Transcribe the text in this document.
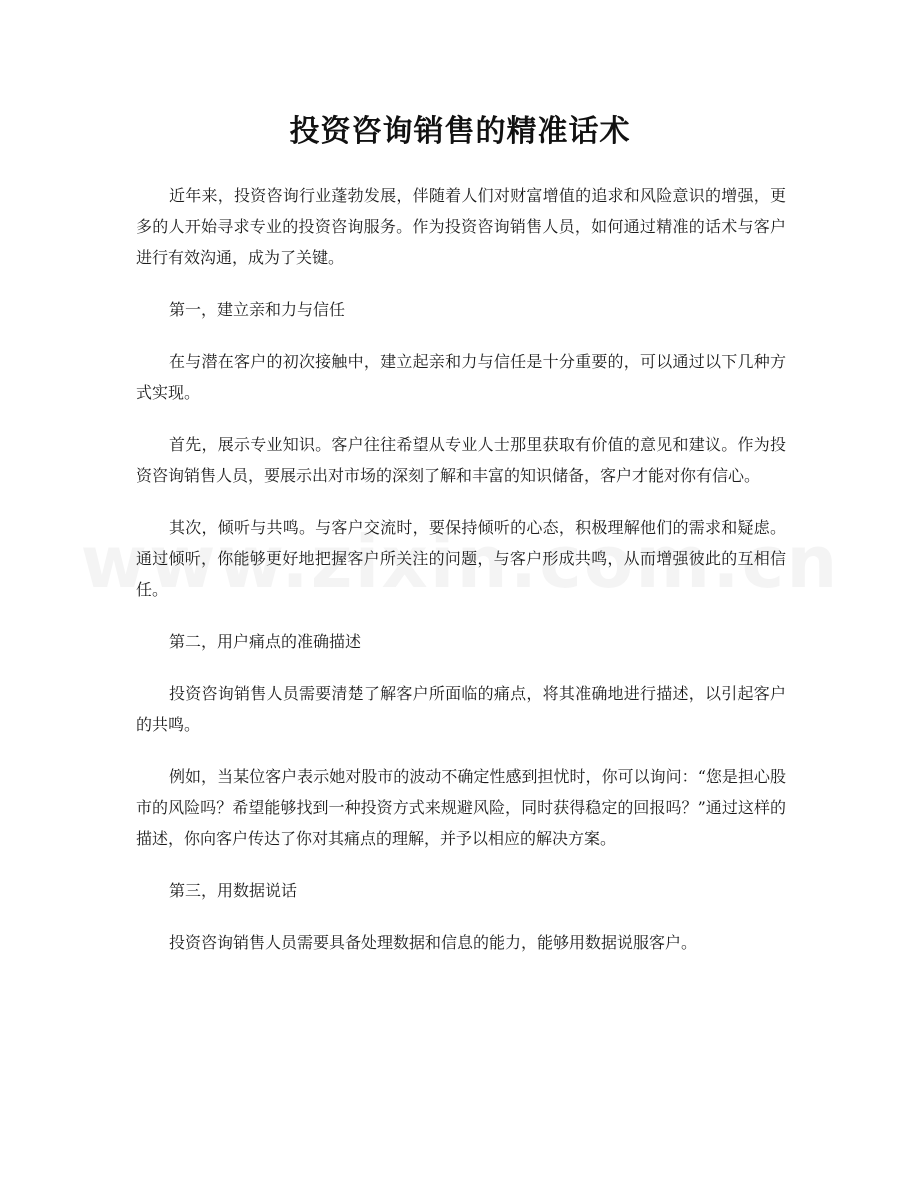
投资咨询销售的精准话术

近年来，投资咨询行业蓬勃发展，伴随着人们对财富增值的追求和风险意识的增强，更多的人开始寻求专业的投资咨询服务。作为投资咨询销售人员，如何通过精准的话术与客户进行有效沟通，成为了关键。

第一，建立亲和力与信任

在与潜在客户的初次接触中，建立起亲和力与信任是十分重要的，可以通过以下几种方式实现。

首先，展示专业知识。客户往往希望从专业人士那里获取有价值的意见和建议。作为投资咨询销售人员，要展示出对市场的深刻了解和丰富的知识储备，客户才能对你有信心。

其次，倾听与共鸣。与客户交流时，要保持倾听的心态，积极理解他们的需求和疑虑。通过倾听，你能够更好地把握客户所关注的问题，与客户形成共鸣，从而增强彼此的互相信任。

第二，用户痛点的准确描述

投资咨询销售人员需要清楚了解客户所面临的痛点，将其准确地进行描述，以引起客户的共鸣。

例如，当某位客户表示她对股市的波动不确定性感到担忧时，你可以询问：“您是担心股市的风险吗？希望能够找到一种投资方式来规避风险，同时获得稳定的回报吗？”通过这样的描述，你向客户传达了你对其痛点的理解，并予以相应的解决方案。

第三，用数据说话

投资咨询销售人员需要具备处理数据和信息的能力，能够用数据说服客户。
